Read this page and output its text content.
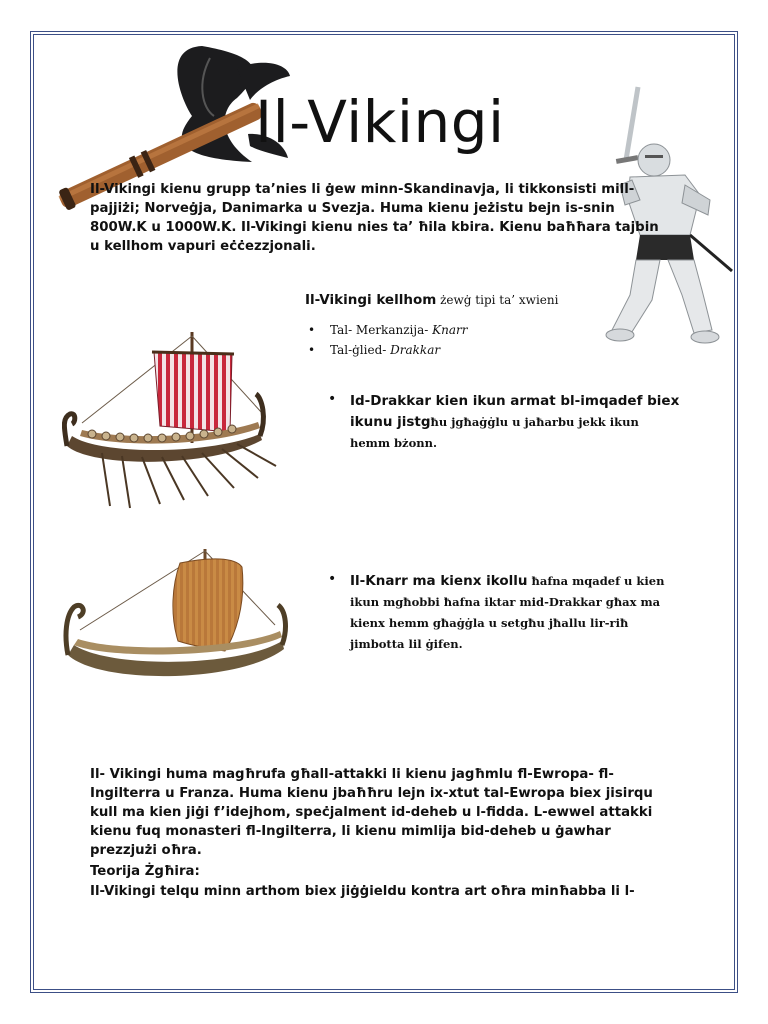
Il-Vikingi
Il-Vikingi kienu grupp ta’nies li ġew minn-Skandinavja, li tikkonsisti mill-pajjiżi; Norveġja, Danimarka u Svezja. Huma kienu jeżistu bejn is-snin 800W.K u 1000W.K. Il-Vikingi kienu nies ta’ ħila kbira. Kienu baħħara tajbin u kellhom vapuri eċċezzjonali.
Il-Vikingi kellhom żewġ tipi ta’ xwieni
• Tal- Merkanzija- Knarr
• Tal-ġlied- Drakkar
• Id-Drakkar kien ikun armat bl-imqadef biex ikunu jistgħu jgħaġġlu u jaħarbu jekk ikun hemm bżonn.
• Il-Knarr ma kienx ikollu ħafna mqadef u kien ikun mgħobbi ħafna iktar mid-Drakkar għax ma kienx hemm għaġġla u setgħu jħallu lir-riħ jimbotta lil ġifen.
Il- Vikingi huma magħrufa għall-attakki li kienu jagħmlu fl-Ewropa- fl-Ingilterra u Franza. Huma kienu jbaħħru lejn ix-xtut tal-Ewropa biex jisirqu kull ma kien jiġi f’idejhom, speċjalment id-deheb u l-fidda. L-ewwel attakki kienu fuq monasteri fl-Ingilterra, li kienu mimlija bid-deheb u ġawhar prezzjużi oħra.
Teorija Żgħira:
Il-Vikingi telqu minn arthom biex jiġġieldu kontra art oħra minħabba li l-
